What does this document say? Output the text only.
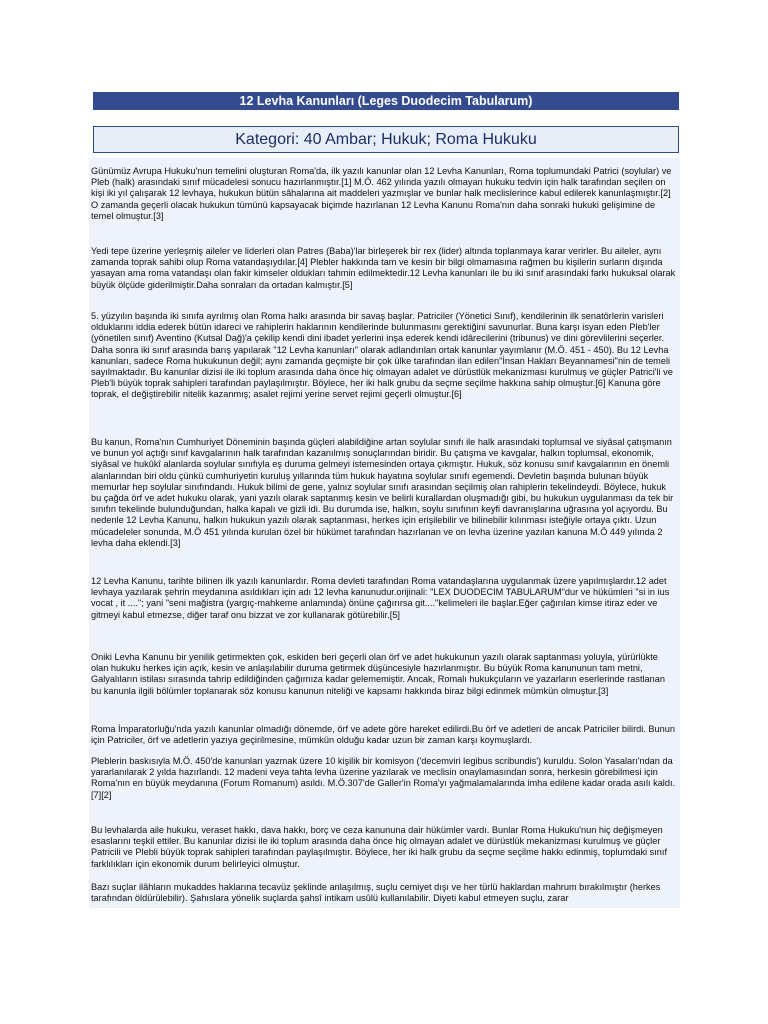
12 Levha Kanunları (Leges Duodecim Tabularum)
Kategori: 40 Ambar; Hukuk; Roma Hukuku

Günümüz Avrupa Hukuku'nun temelini oluşturan Roma'da, ilk yazılı kanunlar olan 12 Levha Kanunları, Roma toplumundaki Patrici (soylular) ve Pleb (halk) arasındaki sınıf mücadelesi sonucu hazırlanmıştır.[1] M.Ö. 462 yılında yazılı olmayan hukuku tedvin için halk tarafından seçilen on kişi iki yıl çalışarak 12 levhaya, hukukun bütün sâhalarına ait maddeleri yazmışlar ve bunlar halk meclislerince kabul edilerek kanunlaşmıştır.[2] O zamanda geçerli olacak hukukun tümünü kapsayacak biçimde hazırlanan 12 Levha Kanunu Roma'nın daha sonraki hukuki gelişimine de temel olmuştur.[3]

Yedi tepe üzerine yerleşmiş aileler ve liderleri olan Patres (Baba)'lar birleşerek bir rex (lider) altında toplanmaya karar verirler. Bu aileler, aynı zamanda toprak sahibi olup Roma vatandaşıydılar.[4] Plebler hakkında tam ve kesin bir bilgi olmamasına rağmen bu kişilerin surların dışında yasayan ama roma vatandaşı olan fakir kimseler oldukları tahmin edilmektedir.12 Levha kanunları ile bu iki sınıf arasındaki farkı hukuksal olarak büyük ölçüde giderilmiştir.Daha sonraları da ortadan kalmıştır.[5]

5. yüzyılın başında iki sınıfa ayrılmış olan Roma halkı arasında bir savaş başlar. Patriciler (Yönetici Sınıf), kendilerinin ilk senatörlerin varisleri olduklarını iddia ederek bütün idareci ve rahiplerin haklarının kendilerinde bulunmasını gerektiğini savunurlar. Buna karşı isyan eden Pleb'ler (yönetilen sınıf) Aventino (Kutsal Dağ)'a çekilip kendi dini ibadet yerlerini inşa ederek kendi idârecilerini (tribunus) ve dini görevlilerini seçerler. Daha sonra iki sınıf arasında barış yapılarak "12 Levha kanunları" olarak adlandırılan ortak kanunlar yayımlanır (M.Ö. 451 - 450). Bu 12 Levha kanunları, sadece Roma hukukunun değil; aynı zamanda geçmişte bir çok ülke tarafından ilan edilen"İnsan Hakları Beyannamesi"nin de temeli sayılmaktadır. Bu kanunlar dizisi ile iki toplum arasında daha önce hiç olmayan adalet ve dürüstlük mekanizması kurulmuş ve güçler Patrici'li ve Pleb'li büyük toprak sahipleri tarafından paylaşılmıştır. Böylece, her iki halk grubu da seçme seçilme hakkına sahip olmuştur.[6] Kanuna göre toprak, el değiştirebilir nitelik kazanmış; asalet rejimi yerine servet rejimi geçerli olmuştur.[6]

Bu kanun, Roma'nın Cumhuriyet Döneminin başında güçleri alabildiğine artan soylular sınıfı ile halk arasındaki toplumsal ve siyâsal çatışmanın ve bunun yol açtığı sınıf kavgalarının halk tarafından kazanılmış sonuçlarından biridir. Bu çatışma ve kavgalar, halkın toplumsal, ekonomik, siyâsal ve hukûkî alanlarda soylular sınıfıyla eş duruma gelmeyi istemesinden ortaya çıkmıştır. Hukuk, söz konusu sınıf kavgalarının en önemli alanlarından biri oldu çünkü cumhuriyetin kuruluş yıllarında tüm hukuk hayatına soylular sınıfı egemendi. Devletin başında bulunan büyük memurlar hep soylular sınıfındandı. Hukuk bilimi de gene, yalnız soylular sınıfı arasından seçilmiş olan rahiplerin tekelindeydi. Böylece, hukuk bu çağda örf ve adet hukuku olarak, yani yazılı olarak saptanmış kesin ve belirli kurallardan oluşmadığı gibi, bu hukukun uygulanması da tek bir sınıfın tekelinde bulunduğundan, halka kapalı ve gizli idi. Bu durumda ise, halkın, soylu sınıfının keyfi davranışlarına uğrasına yol açıyordu. Bu nedenle 12 Levha Kanunu, halkın hukukun yazılı olarak saptanması, herkes için erişilebilir ve bilinebilir kılınması isteğiyle ortaya çıktı. Uzun mücadeleler sonunda, M.Ö 451 yılında kurulan özel bir hükümet tarafından hazırlanan ve on levha üzerine yazılan kanuna M.Ö 449 yılında 2 levha daha eklendi.[3]

12 Levha Kanunu, tarihte bilinen ilk yazılı kanunlardır. Roma devleti tarafından Roma vatandaşlarına uygulanmak üzere yapılmışlardır.12 adet levhaya yazılarak şehrin meydanına asıldıkları için adı 12 levha kanunudur.orijinali: "LEX DUODECIM TABULARUM"dur ve hükümleri "si in ius vocat , it ...."; yani "seni mağistra (yargıç-mahkeme anlamında) önüne çağırırsa git...."kelimeleri ile başlar.Eğer çağırılan kimse itiraz eder ve gitmeyi kabul etmezse, diğer taraf onu bizzat ve zor kullanarak götürebilir.[5]

Oniki Levha Kanunu bir yenilik getirmekten çok, eskiden beri geçerli olan örf ve adet hukukunun yazılı olarak saptanması yoluyla, yürürlükte olan hukuku herkes için açık, kesin ve anlaşılabilir duruma getirmek düşüncesiyle hazırlanmıştır. Bu büyük Roma kanununun tam metni, Galyalıların istilası sırasında tahrip edildiğinden çağımıza kadar gelememiştir. Ancak, Romalı hukukçuların ve yazarların eserlerinde rastlanan bu kanunla ilgili bölümler toplanarak söz konusu kanunun niteliği ve kapsamı hakkında biraz bilgi edinmek mümkün olmuştur.[3]

Roma İmparatorluğu'nda yazılı kanunlar olmadığı dönemde, örf ve adete göre hareket edilirdi.Bu örf ve adetleri de ancak Patriciler bilirdi. Bunun için Patriciler, örf ve adetlerin yazıya geçirilmesine, mümkün olduğu kadar uzun bir zaman karşı koymuşlardı.

Pleblerin baskısıyla M.Ö. 450'de kanunları yazmak üzere 10 kişilik bir komisyon ('decemviri legibus scribundis') kuruldu. Solon Yasaları'ndan da yararlanılarak 2 yılda hazırlandı. 12 madeni veya tahta levha üzerine yazılarak ve meclisin onaylamasından sonra, herkesin görebilmesi için Roma'nın en büyük meydanına (Forum Romanum) asıldı. M.Ö.307'de Galler'in Roma'yı yağmalamalarında imha edilene kadar orada asılı kaldı.[7][2]

Bu levhalarda aile hukuku, veraset hakkı, dava hakkı, borç ve ceza kanununa dair hükümler vardı. Bunlar Roma Hukuku'nun hiç değişmeyen esaslarını teşkil ettiler. Bu kanunlar dizisi ile iki toplum arasında daha önce hiç olmayan adalet ve dürüstlük mekanizması kurulmuş ve güçler Patricili ve Plebli büyük toprak sahipleri tarafından paylaşılmıştır. Böylece, her iki halk grubu da seçme seçilme hakkı edinmiş, toplumdaki sınıf farklılıkları için ekonomik durum belirleyici olmuştur.

Bazı suçlar ilâhların mukaddes haklarına tecavüz şeklinde anlaşılmış, suçlu cemiyet dışı ve her türlü haklardan mahrum bırakılmıştır (herkes tarafından öldürülebilir). Şahıslara yönelik suçlarda şahsî intikam usûlü kullanılabilir. Diyeti kabul etmeyen suçlu, zarar
